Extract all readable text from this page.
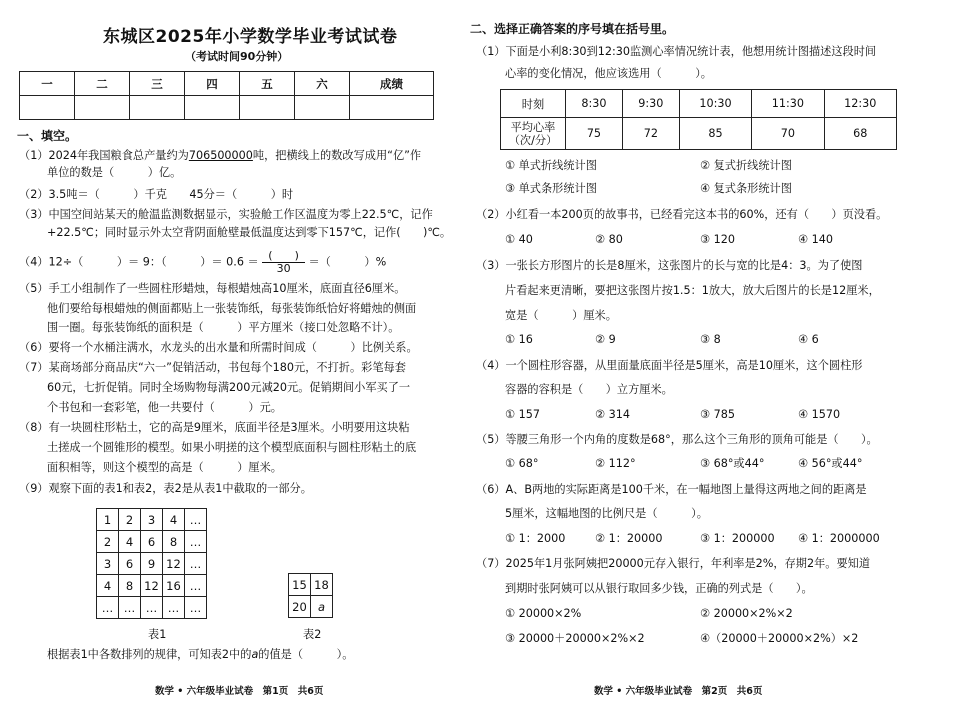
东城区2025年小学数学毕业考试试卷
（考试时间90分钟）
一	二	三	四	五	六	成绩

一、填空。
（1）2024年我国粮食总产量约为706500000吨，把横线上的数改写成用“亿”作
单位的数是（　　　）亿。
（2）3.5吨＝（　　　）千克　　45分＝（　　　）时
（3）中国空间站某天的舱温监测数据显示，实验舱工作区温度为零上22.5℃，记作
+22.5℃；同时显示外太空背阴面舱壁最低温度达到零下157℃，记作(　　)℃。
（4）12÷（　　　）＝ 9：（　　　）＝ $0.6 = \frac{( )}{30}$ ＝（　　　）%
（5）手工小组制作了一些圆柱形蜡烛，每根蜡烛高10厘米，底面直径6厘米。
他们要给每根蜡烛的侧面都贴上一张装饰纸，每张装饰纸恰好将蜡烛的侧面
围一圈。每张装饰纸的面积是（　　　）平方厘米（接口处忽略不计）。
（6）要将一个水桶注满水，水龙头的出水量和所需时间成（　　　）比例关系。
（7）某商场部分商品庆“六一”促销活动，书包每个180元，不打折。彩笔每套
60元，七折促销。同时全场购物每满200元减20元。促销期间小军买了一
个书包和一套彩笔，他一共要付（　　　）元。
（8）有一块圆柱形粘土，它的高是9厘米，底面半径是3厘米。小明要用这块粘
土搓成一个圆锥形的模型。如果小明搓的这个模型底面积与圆柱形粘土的底
面积相等，则这个模型的高是（　　　）厘米。
（9）观察下面的表1和表2，表2是从表1中截取的一部分。
1	2	3	4	…
2	4	6	8	…
3	6	9	12	…
4	8	12	16	…
…	…	…	…	…
表1
15	18
20	a
表2
根据表1中各数排列的规律，可知表2中的a的值是（　　　）。
数学 • 六年级毕业试卷　第1页　共6页
二、选择正确答案的序号填在括号里。
（1）下面是小利8:30到12:30监测心率情况统计表，他想用统计图描述这段时间
心率的变化情况，他应该选用（　　　）。
时刻	8:30	9:30	10:30	11:30	12:30

平均心率
（次/分）	75	72	85	70	68
① 单式折线统计图	② 复式折线统计图
③ 单式条形统计图	④ 复式条形统计图
（2）小红看一本200页的故事书，已经看完这本书的60%，还有（　　）页没看。
① 40	② 80	③ 120	④ 140
（3）一张长方形图片的长是8厘米，这张图片的长与宽的比是4：3。为了使图
片看起来更清晰，要把这张图片按1.5：1放大，放大后图片的长是12厘米，
宽是（　　　）厘米。
① 16	② 9	③ 8	④ 6
（4）一个圆柱形容器，从里面量底面半径是5厘米，高是10厘米，这个圆柱形
容器的容积是（　　）立方厘米。
① 157	② 314	③ 785	④ 1570
（5）等腰三角形一个内角的度数是68°，那么这个三角形的顶角可能是（　　）。
① 68°	② 112°	③ 68°或44°	④ 56°或44°
（6）A、B两地的实际距离是100千米，在一幅地图上量得这两地之间的距离是
5厘米，这幅地图的比例尺是（　　　）。
① 1：2000	② 1：20000	③ 1：200000 ④ 1：2000000
（7）2025年1月张阿姨把20000元存入银行，年利率是2%，存期2年。要知道
到期时张阿姨可以从银行取回多少钱，正确的列式是（　　）。
① 20000×2%	② 20000×2%×2
③ 20000＋20000×2%×2	④（20000＋20000×2%）×2
数学 • 六年级毕业试卷　第2页　共6页
